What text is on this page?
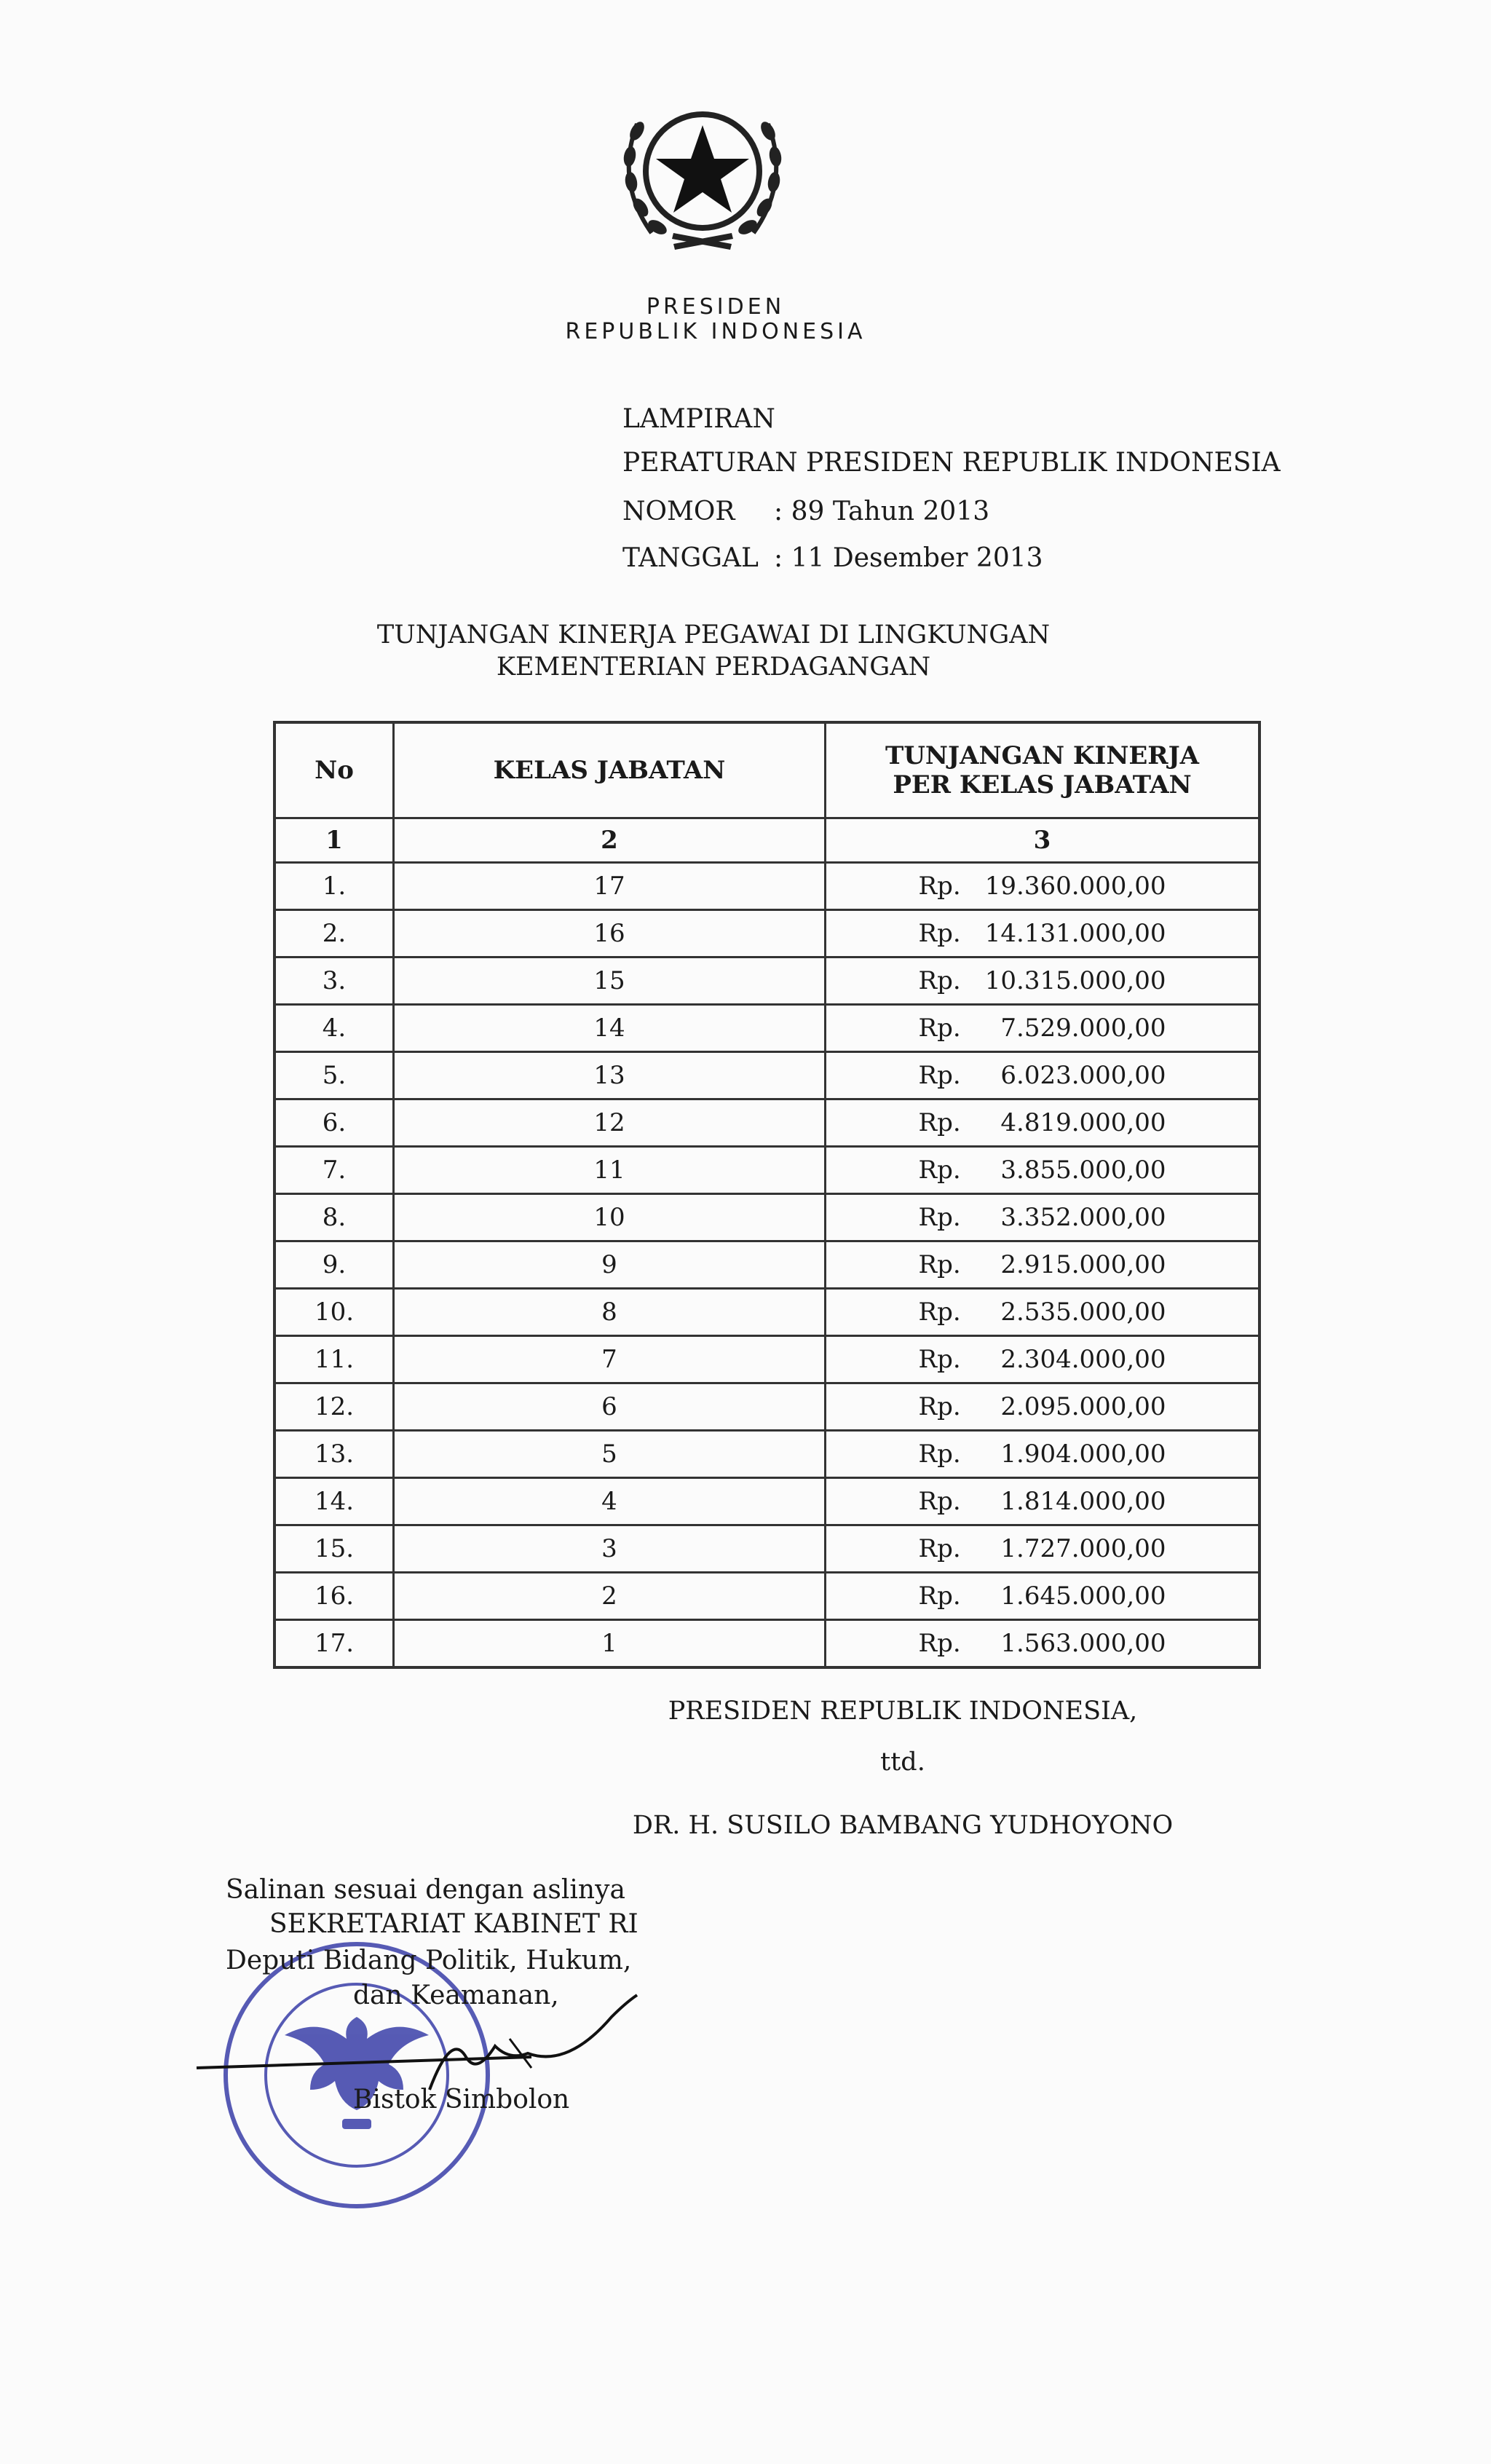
PRESIDEN
REPUBLIK INDONESIA
LAMPIRAN
PERATURAN PRESIDEN REPUBLIK INDONESIA
NOMOR	: 89 Tahun 2013
TANGGAL : 11 Desember 2013
TUNJANGAN KINERJA PEGAWAI DI LINGKUNGAN
KEMENTERIAN PERDAGANGAN
No	KELAS JABATAN	TUNJANGAN KINERJA
PER KELAS JABATAN

1	2	3
1.	17	Rp. 19.360.000,00

2.	16	Rp. 14.131.000,00

3.	15	Rp. 10.315.000,00

4.	14	Rp. 7.529.000,00

5.	13	Rp. 6.023.000,00

6.	12	Rp. 4.819.000,00

7.	11	Rp. 3.855.000,00

8.	10	Rp. 3.352.000,00

9.	9	Rp. 2.915.000,00

10.	8	Rp. 2.535.000,00

11.	7	Rp. 2.304.000,00

12.	6	Rp. 2.095.000,00

13.	5	Rp. 1.904.000,00

14.	4	Rp. 1.814.000,00

15.	3	Rp. 1.727.000,00

16.	2	Rp. 1.645.000,00

17.	1	Rp. 1.563.000,00
PRESIDEN REPUBLIK INDONESIA,
ttd.
DR. H. SUSILO BAMBANG YUDHOYONO
Salinan sesuai dengan aslinya
SEKRETARIAT KABINET RI
Deputi Bidang Politik, Hukum,
dan Keamanan,
Bistok Simbolon
